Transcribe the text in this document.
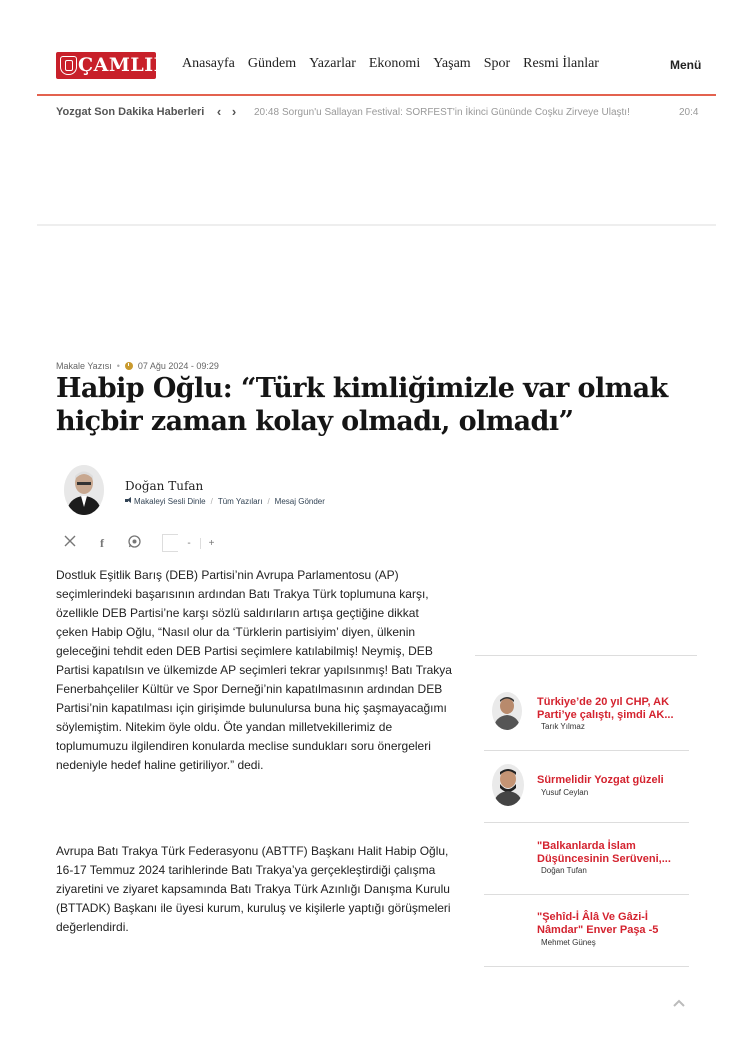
ÇAMLIK Anasayfa Gündem Yazarlar Ekonomi Yaşam Spor Resmi İlanlar	Menü
Yozgat Son Dakika Haberleri ‹ › 20:48 Sorgun'u Sallayan Festival: SORFEST'in İkinci Gününde Coşku Zirveye Ulaştı!	20:4
Makale Yazısı • 07 Ağu 2024 - 09:29
Habip Oğlu: “Türk kimliğimizle var olmak hiçbir zaman kolay olmadı, olmadı”
Doğan Tufan
Makaleyi Sesli Dinle / Tüm Yazıları / Mesaj Gönder
f	-	+

Dostluk Eşitlik Barış (DEB) Partisi’nin Avrupa Parlamentosu (AP) seçimlerindeki başarısının ardından Batı Trakya Türk toplumuna karşı, özellikle DEB Partisi’ne karşı sözlü saldırıların artışa geçtiğine dikkat çeken Habip Oğlu, “Nasıl olur da ‘Türklerin partisiyim’ diyen, ülkenin geleceğini tehdit eden DEB Partisi seçimlere katılabilmiş! Neymiş, DEB Partisi kapatılsın ve ülkemizde AP seçimleri tekrar yapılsınmış! Batı Trakya Fenerbahçeliler Kültür ve Spor Derneği’nin kapatılmasının ardından DEB Partisi’nin kapatılması için girişimde bulunulursa buna hiç şaşmayacağımı söylemiştim. Nitekim öyle oldu. Öte yandan milletvekillerimiz de toplumumuzu ilgilendiren konularda meclise sundukları soru önergeleri nedeniyle hedef haline getiriliyor.” dedi.

Avrupa Batı Trakya Türk Federasyonu (ABTTF) Başkanı Halit Habip Oğlu, 16-17 Temmuz 2024 tarihlerinde Batı Trakya’ya gerçekleştirdiği çalışma ziyaretini ve ziyaret kapsamında Batı Trakya Türk Azınlığı Danışma Kurulu (BTTADK) Başkanı ile üyesi kurum, kuruluş ve kişilerle yaptığı görüşmeleri değerlendirdi.

Türkiye’de 20 yıl CHP, AK Parti’ye çalıştı, şimdi AK...
Tarık Yılmaz
Sürmelidir Yozgat güzeli
Yusuf Ceylan
"Balkanlarda İslam Düşüncesinin Serüveni,...
Doğan Tufan
"Şehîd-İ Âlâ Ve Gâzi-İ Nâmdar" Enver Paşa -5
Mehmet Güneş
